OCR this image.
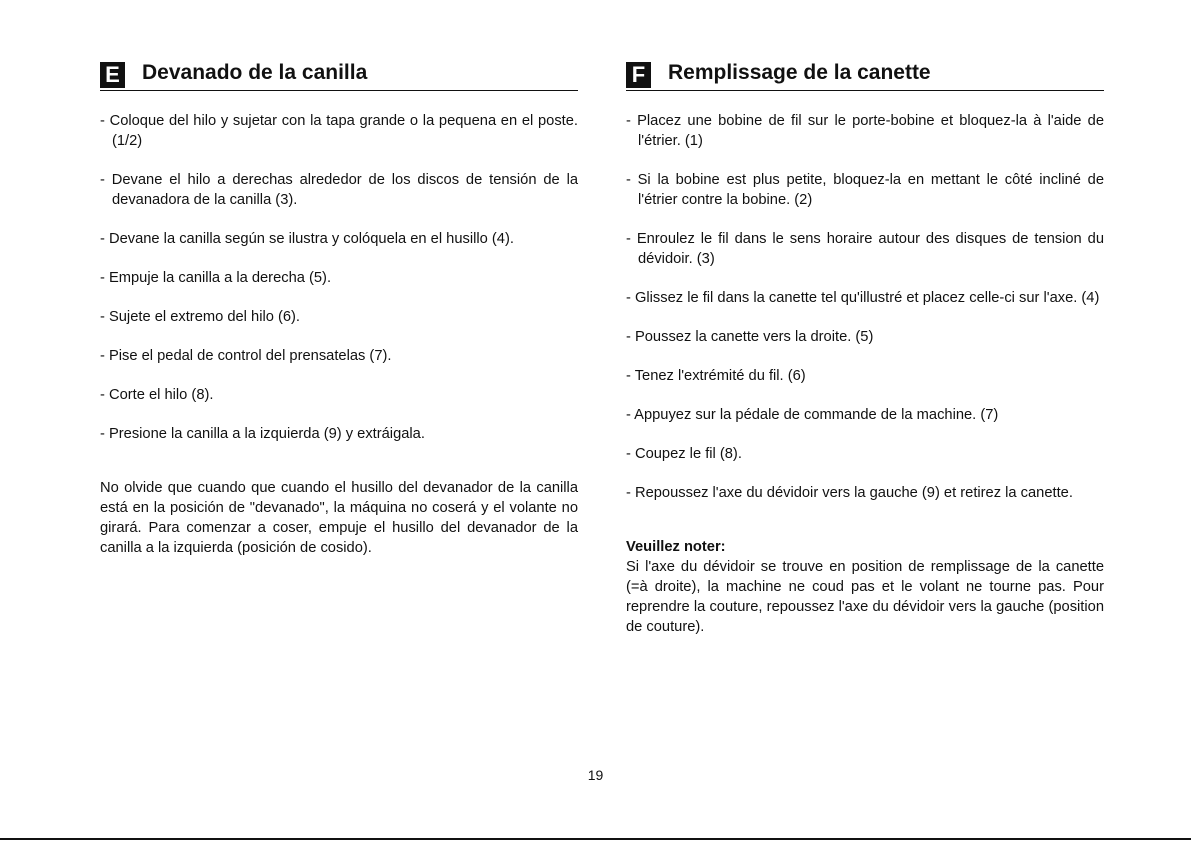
E Devanado de la canilla
- Coloque del hilo y sujetar con la tapa grande o la pequena en el poste. (1/2)
- Devane el hilo a derechas alrededor de los discos de tensión de la devanadora de la canilla (3).
- Devane la canilla según se ilustra y colóquela en el husillo (4).
- Empuje la canilla a la derecha (5).
- Sujete el extremo del hilo (6).
- Pise el pedal de control del prensatelas (7).
- Corte el hilo (8).
- Presione la canilla a la izquierda (9) y extráigala.

No olvide que cuando que cuando el husillo del devanador de la canilla está en la posición de "devanado", la máquina no coserá y el volante no girará. Para comenzar a coser, empuje el husillo del devanador de la canilla a la izquierda (posición de cosido).

F Remplissage de la canette
- Placez une bobine de fil sur le porte-bobine et bloquez-la à l'aide de l'étrier. (1)
- Si la bobine est plus petite, bloquez-la en mettant le côté incliné de l'étrier contre la bobine. (2)
- Enroulez le fil dans le sens horaire autour des disques de tension du dévidoir. (3)
- Glissez le fil dans la canette tel qu'illustré et placez celle-ci sur l'axe. (4)
- Poussez la canette vers la droite. (5)
- Tenez l'extrémité du fil. (6)
- Appuyez sur la pédale de commande de la machine. (7)
- Coupez le fil (8).
- Repoussez l'axe du dévidoir vers la gauche (9) et retirez la canette.
Veuillez noter:

Si l'axe du dévidoir se trouve en position de remplissage de la canette (=à droite), la machine ne coud pas et le volant ne tourne pas. Pour reprendre la couture, repoussez l'axe du dévidoir vers la gauche (position de couture).

19
